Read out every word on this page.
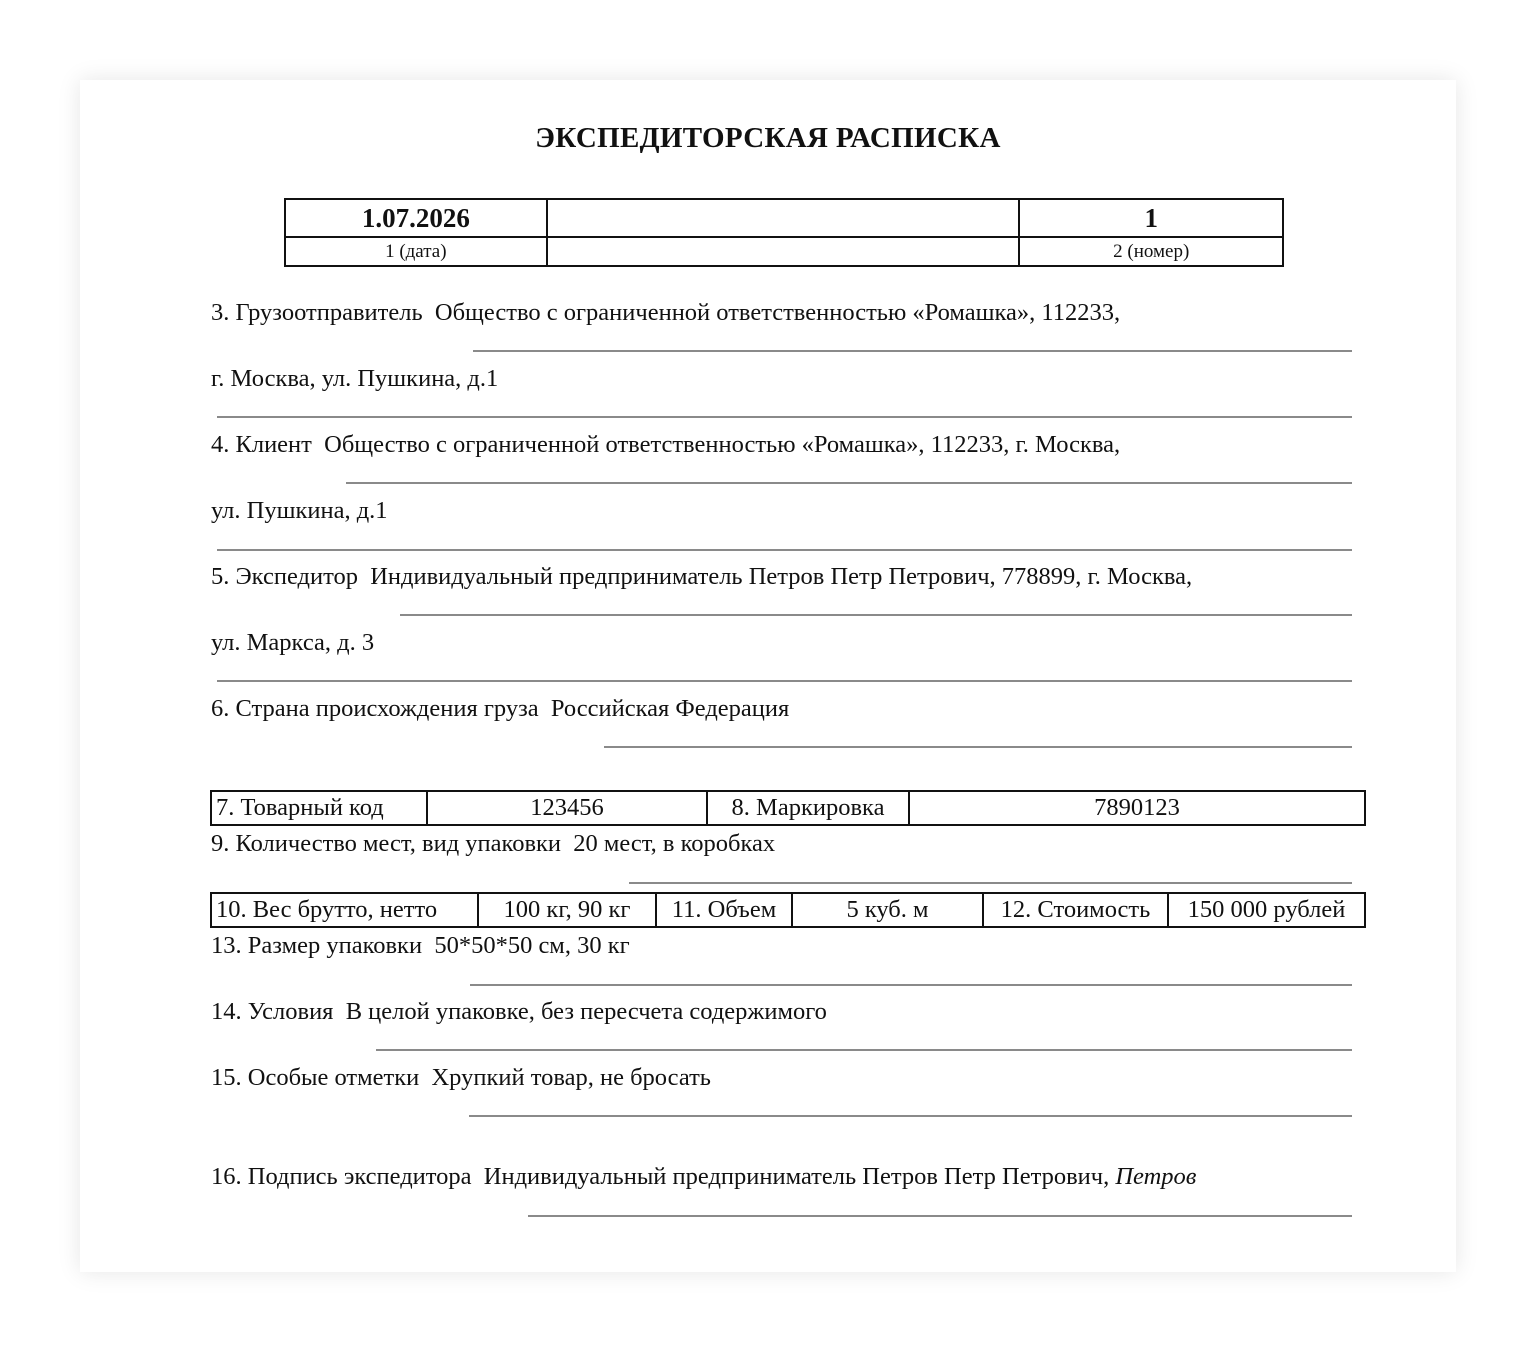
ЭКСПЕДИТОРСКАЯ РАСПИСКА
1.07.2026		1
1 (дата)		2 (номер)
3. Грузоотправитель Общество с ограниченной ответственностью «Ромашка», 112233,
г. Москва, ул. Пушкина, д.1
4. Клиент Общество с ограниченной ответственностью «Ромашка», 112233, г. Москва,
ул. Пушкина, д.1
5. Экспедитор Индивидуальный предприниматель Петров Петр Петрович, 778899, г. Москва,
ул. Маркса, д. 3
6. Страна происхождения груза Российская Федерация
7. Товарный код	123456	8. Маркировка	7890123
9. Количество мест, вид упаковки 20 мест, в коробках
10. Вес брутто, нетто	100 кг, 90 кг	11. Объем	5 куб. м	12. Стоимость	150 000 рублей
13. Размер упаковки 50*50*50 см, 30 кг
14. Условия В целой упаковке, без пересчета содержимого
15. Особые отметки Хрупкий товар, не бросать
16. Подпись экспедитора Индивидуальный предприниматель Петров Петр Петрович, Петров
